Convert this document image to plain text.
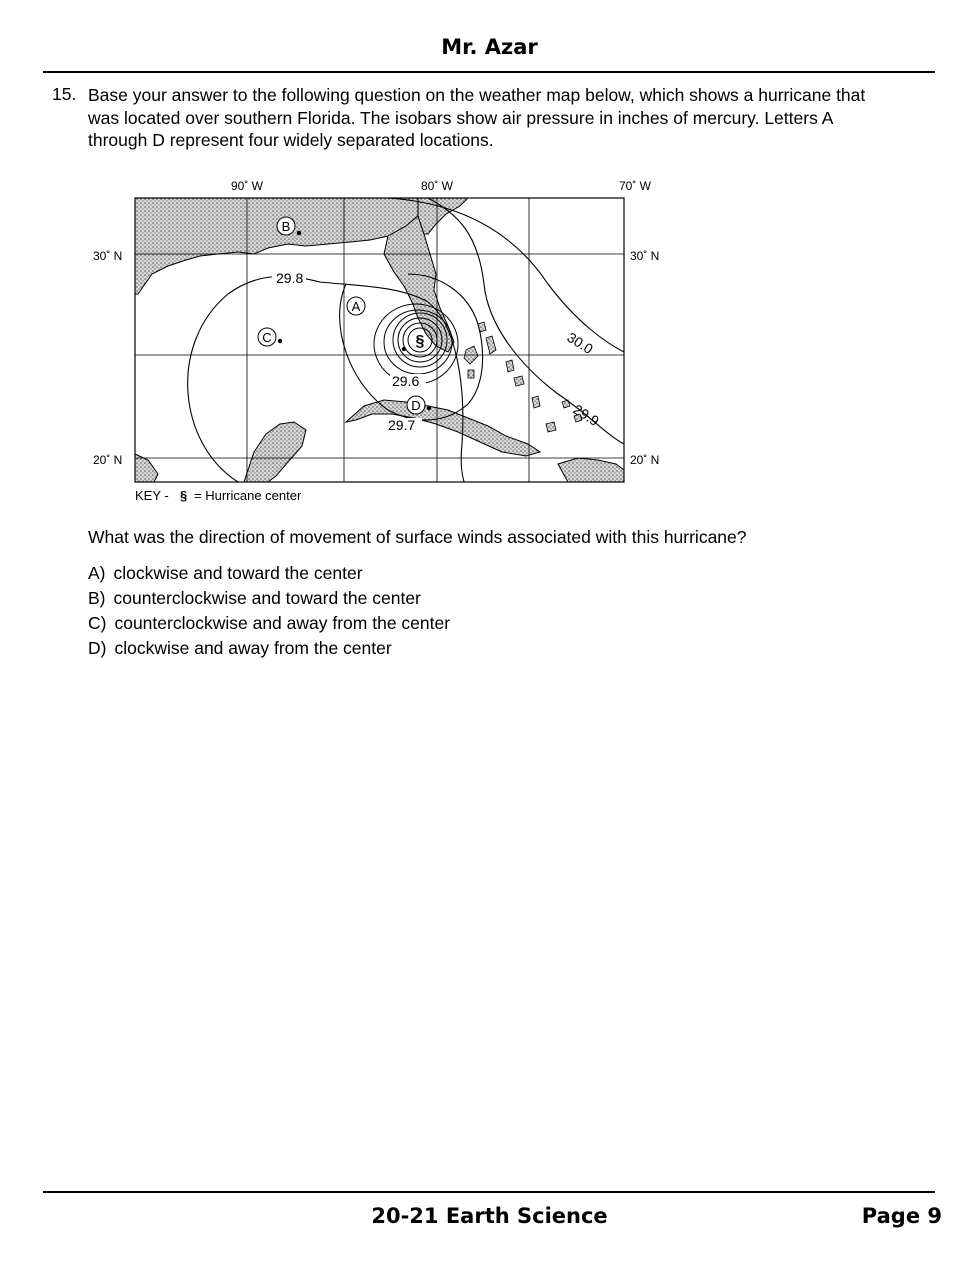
Mr. Azar
15. Base your answer to the following question on the weather map below, which shows a hurricane that was located over southern Florida. The isobars show air pressure in inches of mercury. Letters A through D represent four widely separated locations.
90˚ W	80˚ W	70˚ W
30˚ N	30˚ N
20˚ N	20˚ N
§
29.8
30.0
29.9
29.6
29.7
A
B
C
D
KEY - § = Hurricane center
What was the direction of movement of surface winds associated with this hurricane?
A) clockwise and toward the center
B) counterclockwise and toward the center
C) counterclockwise and away from the center
D) clockwise and away from the center
20-21 Earth Science	Page 9
